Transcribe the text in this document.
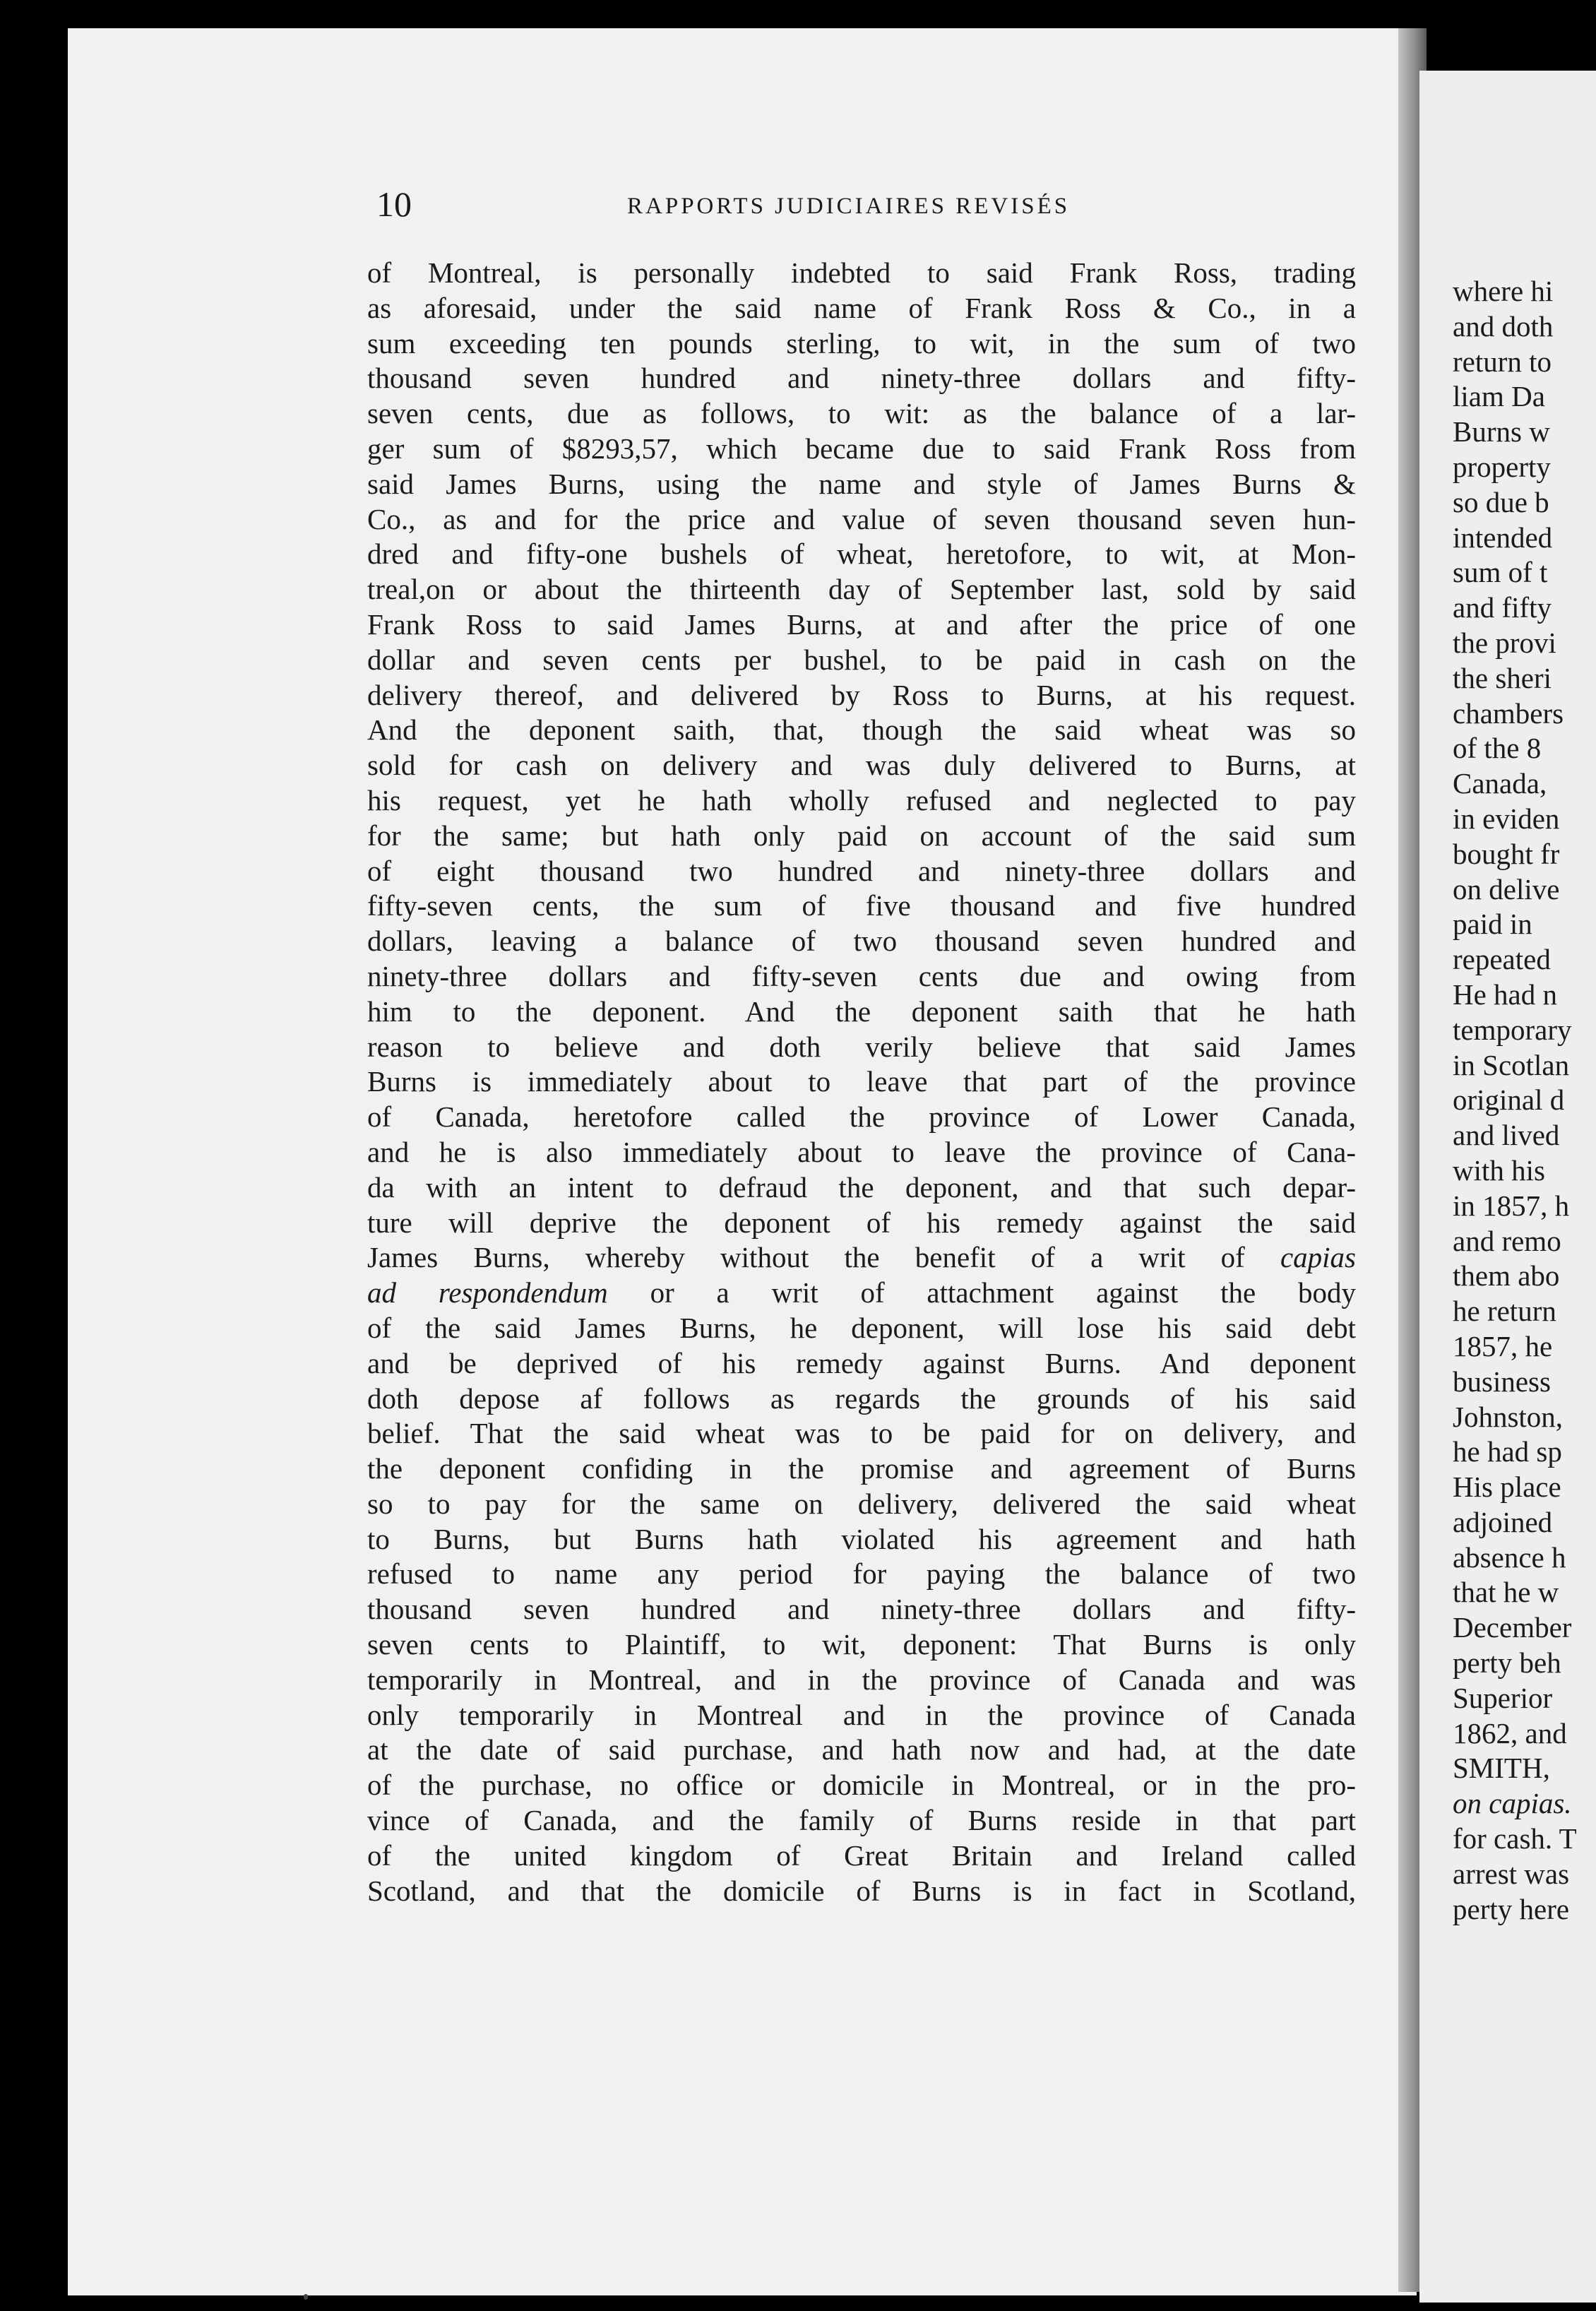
10	RAPPORTS JUDICIAIRES REVISÉS
of Montreal, is personally indebted to said Frank Ross, trading
as aforesaid, under the said name of Frank Ross & Co., in a
sum exceeding ten pounds sterling, to wit, in the sum of two
thousand seven hundred and ninety-three dollars and fifty-
seven cents, due as follows, to wit: as the balance of a lar-
ger sum of $8293,57, which became due to said Frank Ross from
said James Burns, using the name and style of James Burns &
Co., as and for the price and value of seven thousand seven hun-
dred and fifty-one bushels of wheat, heretofore, to wit, at Mon-
treal,on or about the thirteenth day of September last, sold by said
Frank Ross to said James Burns, at and after the price of one
dollar and seven cents per bushel, to be paid in cash on the
delivery thereof, and delivered by Ross to Burns, at his request.
And the deponent saith, that, though the said wheat was so
sold for cash on delivery and was duly delivered to Burns, at
his request, yet he hath wholly refused and neglected to pay
for the same; but hath only paid on account of the said sum
of eight thousand two hundred and ninety-three dollars and
fifty-seven cents, the sum of five thousand and five hundred
dollars, leaving a balance of two thousand seven hundred and
ninety-three dollars and fifty-seven cents due and owing from
him to the deponent. And the deponent saith that he hath
reason to believe and doth verily believe that said James
Burns is immediately about to leave that part of the province
of Canada, heretofore called the province of Lower Canada,
and he is also immediately about to leave the province of Cana-
da with an intent to defraud the deponent, and that such depar-
ture will deprive the deponent of his remedy against the said
James Burns, whereby without the benefit of a writ of capias
ad respondendum or a writ of attachment against the body
of the said James Burns, he deponent, will lose his said debt
and be deprived of his remedy against Burns. And deponent
doth depose af follows as regards the grounds of his said
belief. That the said wheat was to be paid for on delivery, and
the deponent confiding in the promise and agreement of Burns
so to pay for the same on delivery, delivered the said wheat
to Burns, but Burns hath violated his agreement and hath
refused to name any period for paying the balance of two
thousand seven hundred and ninety-three dollars and fifty-
seven cents to Plaintiff, to wit, deponent: That Burns is only
temporarily in Montreal, and in the province of Canada and was
only temporarily in Montreal and in the province of Canada
at the date of said purchase, and hath now and had, at the date
of the purchase, no office or domicile in Montreal, or in the pro-
vince of Canada, and the family of Burns reside in that part
of the united kingdom of Great Britain and Ireland called
Scotland, and that the domicile of Burns is in fact in Scotland,
where hi
and doth
return to
liam Da
Burns w
property
so due b
intended
sum of t
and fifty
the provi
the sheri
chambers
of the 8
Canada,
in eviden
bought fr
on delive
paid in
repeated
He had n
temporary
in Scotlan
original d
and lived
with his
in 1857, h
and remo
them abo
he return
1857, he
business
Johnston,
he had sp
His place
adjoined
absence h
that he w
December
perty beh
Superior
1862, and
SMITH,
on capias.
for cash. T
arrest was
perty here
